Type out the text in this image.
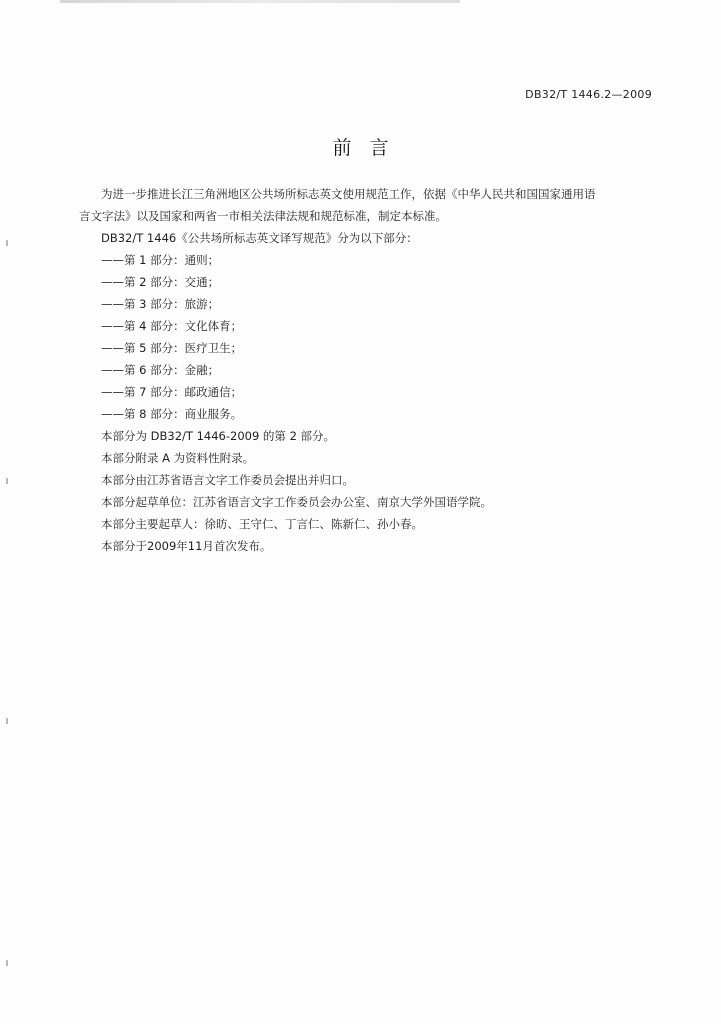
DB32/T 1446.2—2009
前言
为进一步推进长江三角洲地区公共场所标志英文使用规范工作，依据《中华人民共和国国家通用语
言文字法》以及国家和两省一市相关法律法规和规范标准，制定本标准。
DB32/T 1446《公共场所标志英文译写规范》分为以下部分：
——第 1 部分：通则；
——第 2 部分：交通；
——第 3 部分：旅游；
——第 4 部分：文化体育；
——第 5 部分：医疗卫生；
——第 6 部分：金融；
——第 7 部分：邮政通信；
——第 8 部分：商业服务。
本部分为 DB32/T 1446-2009 的第 2 部分。
本部分附录 A 为资料性附录。
本部分由江苏省语言文字工作委员会提出并归口。
本部分起草单位：江苏省语言文字工作委员会办公室、南京大学外国语学院。
本部分主要起草人：徐昉、王守仁、丁言仁、陈新仁、孙小春。
本部分于2009年11月首次发布。
